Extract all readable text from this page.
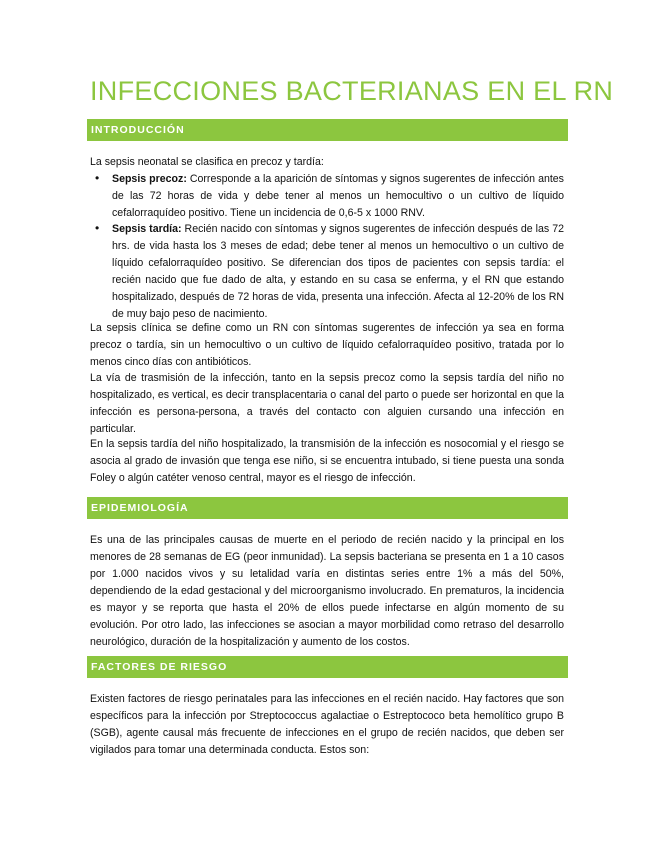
INFECCIONES BACTERIANAS EN EL RN
INTRODUCCIÓN
La sepsis neonatal se clasifica en precoz y tardía:
• Sepsis precoz: Corresponde a la aparición de síntomas y signos sugerentes de infección antes de las 72 horas de vida y debe tener al menos un hemocultivo o un cultivo de líquido cefalorraquídeo positivo. Tiene un incidencia de 0,6-5 x 1000 RNV.
• Sepsis tardía: Recién nacido con síntomas y signos sugerentes de infección después de las 72 hrs. de vida hasta los 3 meses de edad; debe tener al menos un hemocultivo o un cultivo de líquido cefalorraquídeo positivo. Se diferencian dos tipos de pacientes con sepsis tardía: el recién nacido que fue dado de alta, y estando en su casa se enferma, y el RN que estando hospitalizado, después de 72 horas de vida, presenta una infección. Afecta al 12-20% de los RN de muy bajo peso de nacimiento.
La sepsis clínica se define como un RN con síntomas sugerentes de infección ya sea en forma precoz o tardía, sin un hemocultivo o un cultivo de líquido cefalorraquídeo positivo, tratada por lo menos cinco días con antibióticos.
La vía de trasmisión de la infección, tanto en la sepsis precoz como la sepsis tardía del niño no hospitalizado, es vertical, es decir transplacentaria o canal del parto o puede ser horizontal en que la infección es persona-persona, a través del contacto con alguien cursando una infección en particular.
En la sepsis tardía del niño hospitalizado, la transmisión de la infección es nosocomial y el riesgo se asocia al grado de invasión que tenga ese niño, si se encuentra intubado, si tiene puesta una sonda Foley o algún catéter venoso central, mayor es el riesgo de infección.
EPIDEMIOLOGÍA
Es una de las principales causas de muerte en el periodo de recién nacido y la principal en los menores de 28 semanas de EG (peor inmunidad). La sepsis bacteriana se presenta en 1 a 10 casos por 1.000 nacidos vivos y su letalidad varía en distintas series entre 1% a más del 50%, dependiendo de la edad gestacional y del microorganismo involucrado. En prematuros, la incidencia es mayor y se reporta que hasta el 20% de ellos puede infectarse en algún momento de su evolución. Por otro lado, las infecciones se asocian a mayor morbilidad como retraso del desarrollo neurológico, duración de la hospitalización y aumento de los costos.
FACTORES DE RIESGO
Existen factores de riesgo perinatales para las infecciones en el recién nacido. Hay factores que son específicos para la infección por Streptococcus agalactiae o Estreptococo beta hemolítico grupo B (SGB), agente causal más frecuente de infecciones en el grupo de recién nacidos, que deben ser vigilados para tomar una determinada conducta. Estos son:
